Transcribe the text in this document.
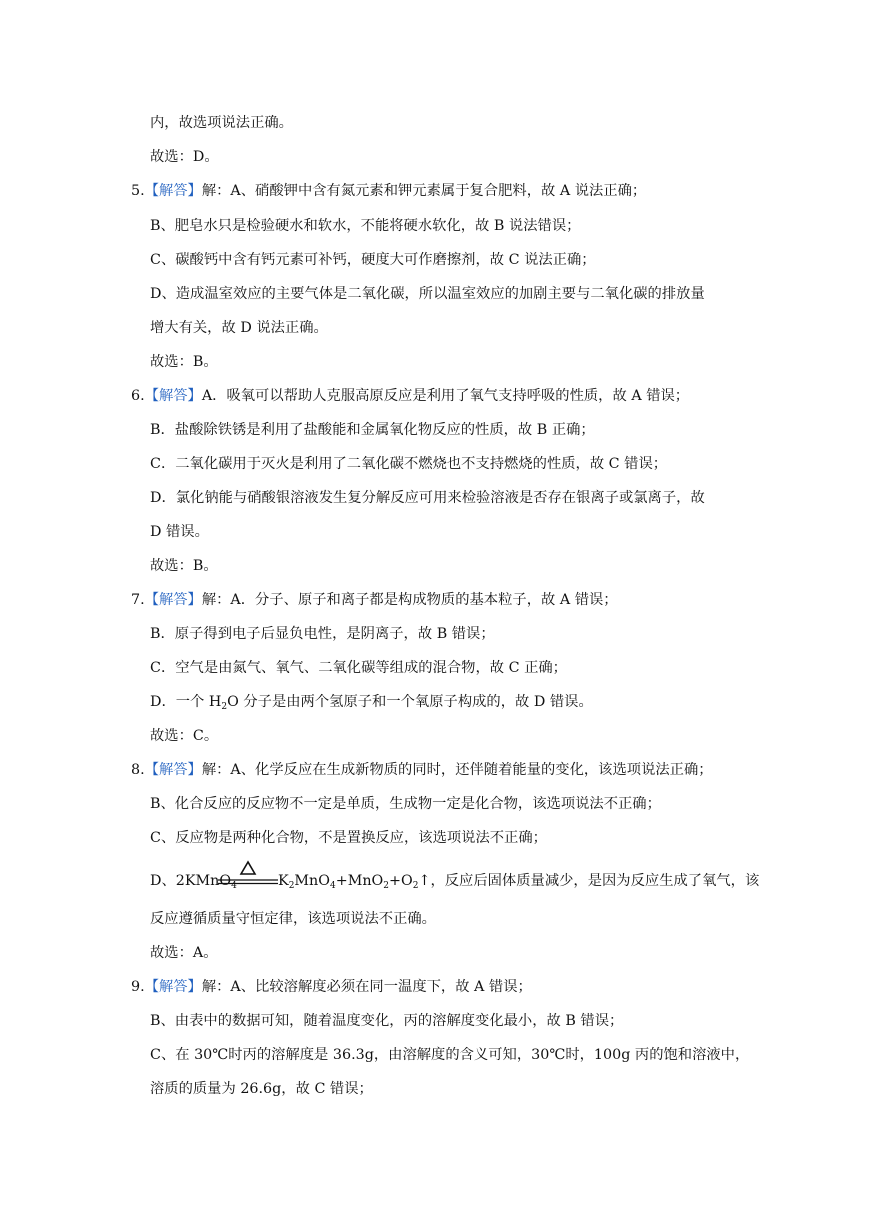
内，故选项说法正确。
故选：D。
5.【解答】解：A、硝酸钾中含有氮元素和钾元素属于复合肥料，故 A 说法正确；
B、肥皂水只是检验硬水和软水，不能将硬水软化，故 B 说法错误；
C、碳酸钙中含有钙元素可补钙，硬度大可作磨擦剂，故 C 说法正确；
D、造成温室效应的主要气体是二氧化碳，所以温室效应的加剧主要与二氧化碳的排放量
增大有关，故 D 说法正确。
故选：B。
6.【解答】A．吸氧可以帮助人克服高原反应是利用了氧气支持呼吸的性质，故 A 错误；
B．盐酸除铁锈是利用了盐酸能和金属氧化物反应的性质，故 B 正确；
C．二氧化碳用于灭火是利用了二氧化碳不燃烧也不支持燃烧的性质，故 C 错误；
D．氯化钠能与硝酸银溶液发生复分解反应可用来检验溶液是否存在银离子或氯离子，故
D 错误。
故选：B。
7.【解答】解：A．分子、原子和离子都是构成物质的基本粒子，故 A 错误；
B．原子得到电子后显负电性，是阴离子，故 B 错误；
C．空气是由氮气、氧气、二氧化碳等组成的混合物，故 C 正确；
D．一个 $H_2O$ 分子是由两个氢原子和一个氧原子构成的，故 D 错误。
故选：C。
8.【解答】解：A、化学反应在生成新物质的同时，还伴随着能量的变化，该选项说法正确；
B、化合反应的反应物不一定是单质，生成物一定是化合物，该选项说法不正确；
C、反应物是两种化合物，不是置换反应，该选项说法不正确；
D、2KMnO$_4$	$K_2MnO_4+MnO_2+O_2↑$，反应后固体质量减少，是因为反应生成了氧气，该
反应遵循质量守恒定律，该选项说法不正确。
故选：A。
9.【解答】解：A、比较溶解度必须在同一温度下，故 A 错误；
B、由表中的数据可知，随着温度变化，丙的溶解度变化最小，故 B 错误；
C、在 30℃时丙的溶解度是 36.3g，由溶解度的含义可知，30℃时，100g 丙的饱和溶液中，
溶质的质量为 26.6g，故 C 错误；
